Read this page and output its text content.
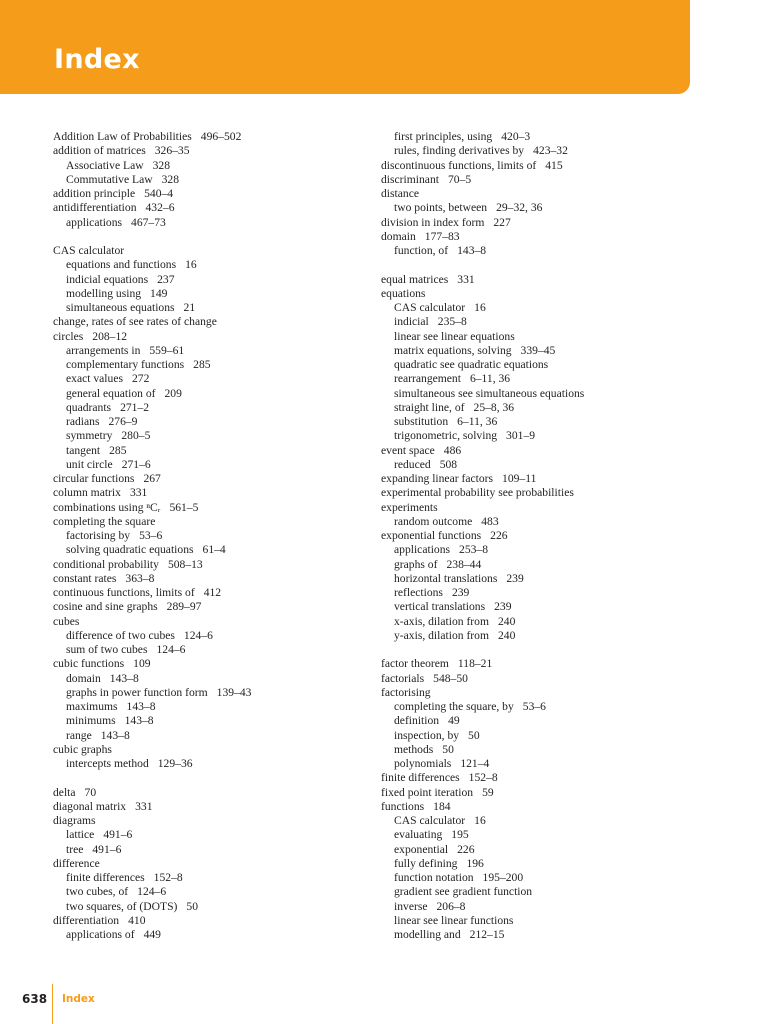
Index
Addition Law of Probabilities 496–502
addition of matrices 326–35
Associative Law 328
Commutative Law 328
addition principle 540–4
antidifferentiation 432–6
applications 467–73
CAS calculator
equations and functions 16
indicial equations 237
modelling using 149
simultaneous equations 21
change, rates of see rates of change
circles 208–12
arrangements in 559–61
complementary functions 285
exact values 272
general equation of 209
quadrants 271–2
radians 276–9
symmetry 280–5
tangent 285
unit circle 271–6
circular functions 267
column matrix 331
combinations using ⁿCᵣ 561–5
completing the square
factorising by 53–6
solving quadratic equations 61–4
conditional probability 508–13
constant rates 363–8
continuous functions, limits of 412
cosine and sine graphs 289–97
cubes
difference of two cubes 124–6
sum of two cubes 124–6
cubic functions 109
domain 143–8
graphs in power function form 139–43
maximums 143–8
minimums 143–8
range 143–8
cubic graphs
intercepts method 129–36
delta 70
diagonal matrix 331
diagrams
lattice 491–6
tree 491–6
difference
finite differences 152–8
two cubes, of 124–6
two squares, of (DOTS) 50
differentiation 410
applications of 449
first principles, using 420–3
rules, finding derivatives by 423–32
discontinuous functions, limits of 415
discriminant 70–5
distance
two points, between 29–32, 36
division in index form 227
domain 177–83
function, of 143–8
equal matrices 331
equations
CAS calculator 16
indicial 235–8
linear see linear equations
matrix equations, solving 339–45
quadratic see quadratic equations
rearrangement 6–11, 36
simultaneous see simultaneous equations
straight line, of 25–8, 36
substitution 6–11, 36
trigonometric, solving 301–9
event space 486
reduced 508
expanding linear factors 109–11
experimental probability see probabilities
experiments
random outcome 483
exponential functions 226
applications 253–8
graphs of 238–44
horizontal translations 239
reflections 239
vertical translations 239
x-axis, dilation from 240
y-axis, dilation from 240
factor theorem 118–21
factorials 548–50
factorising
completing the square, by 53–6
definition 49
inspection, by 50
methods 50
polynomials 121–4
finite differences 152–8
fixed point iteration 59
functions 184
CAS calculator 16
evaluating 195
exponential 226
fully defining 196
function notation 195–200
gradient see gradient function
inverse 206–8
linear see linear functions
modelling and 212–15
638 Index
